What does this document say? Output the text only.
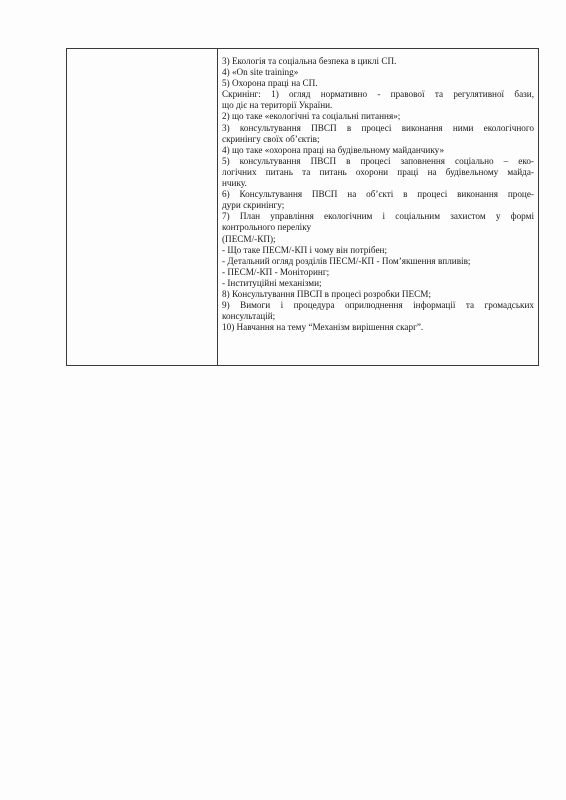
3) Екологія та соціальна безпека в циклі СП.
4) «On site training»
5) Охорона праці на СП.
Скринінг: 1) огляд нормативно - правової та регулятивної бази,
що діє на території України.
2) що таке «екологічні та соціальні питання»;
3) консультування ПВСП в процесі виконання ними екологічного
скринінгу своїх об’єктів;
4) що таке «охорона праці на будівельному майданчику»
5) консультування ПВСП в процесі заповнення соціально – еко-
логічних питань та питань охорони праці на будівельному майда-
нчику.
6) Консультування ПВСП на об’єкті в процесі виконання проце-
дури скринінгу;
7) План управління екологічним і соціальним захистом у формі
контрольного переліку
(ПЕСМ/-КП);
- Що таке ПЕСМ/-КП і чому він потрібен;
- Детальний огляд розділів ПЕСМ/-КП - Пом’якшення впливів;
- ПЕСМ/-КП - Моніторинг;
- Інституційні механізми;
8) Консультування ПВСП в процесі розробки ПЕСМ;
9) Вимоги і процедура оприлюднення інформації та громадських
консультацій;
10) Навчання на тему “Механізм вирішення скарг”.
